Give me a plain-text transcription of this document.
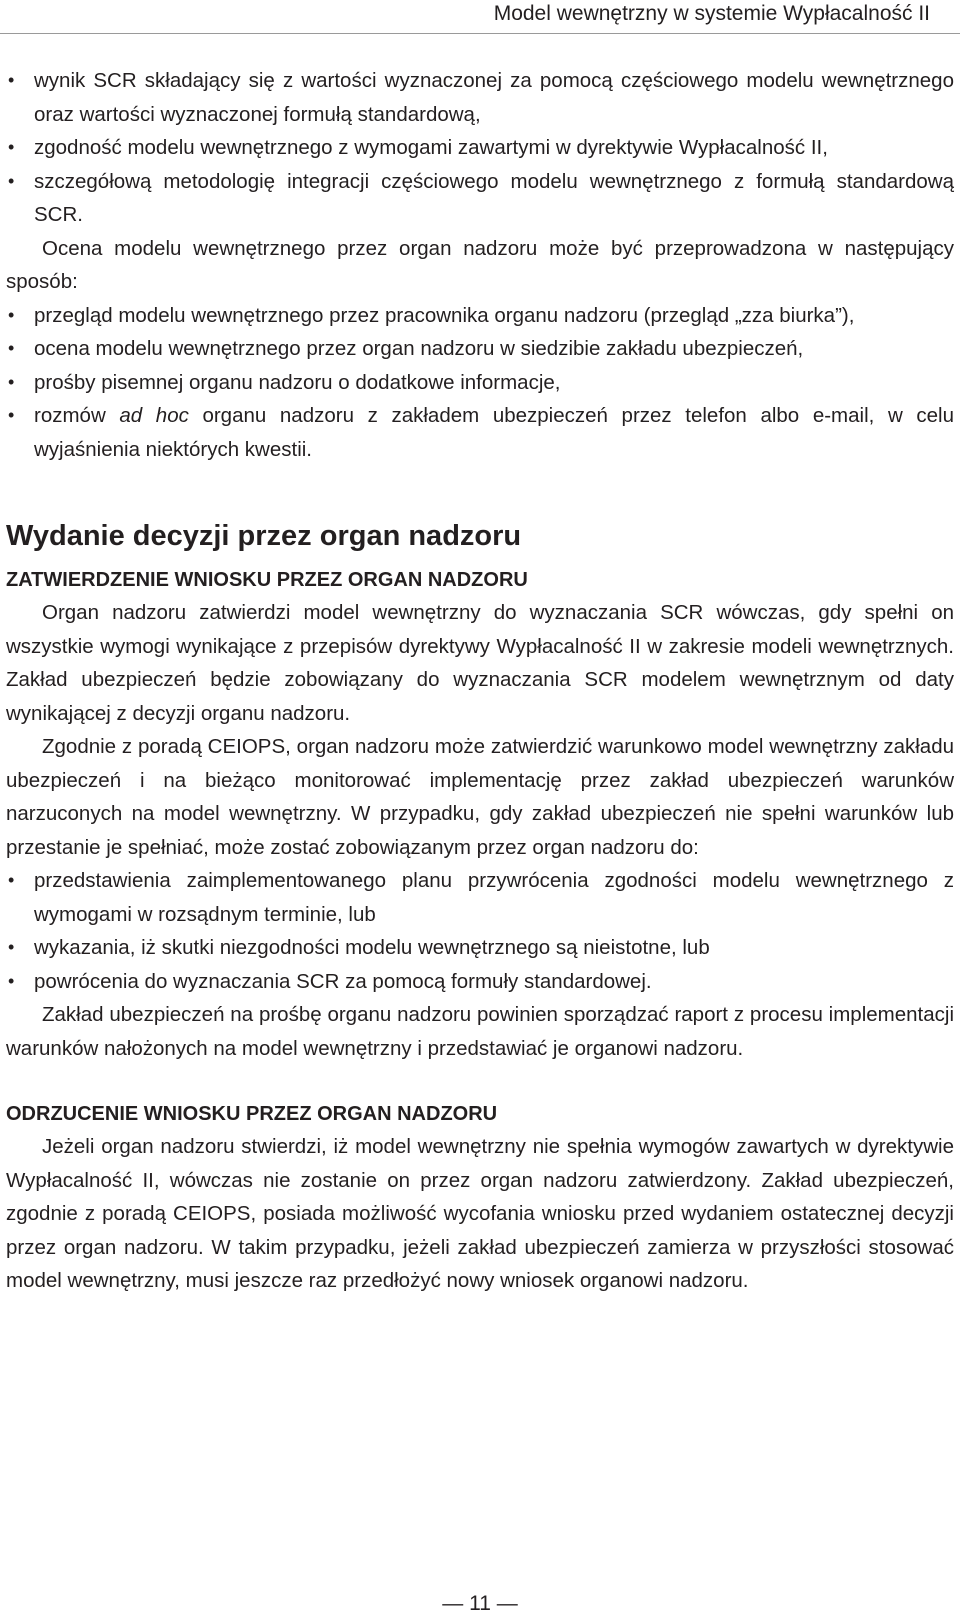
Model wewnętrzny w systemie Wypłacalność II
• wynik SCR składający się z wartości wyznaczonej za pomocą częściowego modelu wewnętrznego oraz wartości wyznaczonej formułą standardową,
• zgodność modelu wewnętrznego z wymogami zawartymi w dyrektywie Wypłacalność II,
• szczegółową metodologię integracji częściowego modelu wewnętrznego z formułą standardową SCR.

Ocena modelu wewnętrznego przez organ nadzoru może być przeprowadzona w następujący sposób:

• przegląd modelu wewnętrznego przez pracownika organu nadzoru (przegląd „zza biurka”),
• ocena modelu wewnętrznego przez organ nadzoru w siedzibie zakładu ubezpieczeń,
• prośby pisemnej organu nadzoru o dodatkowe informacje,
• rozmów ad hoc organu nadzoru z zakładem ubezpieczeń przez telefon albo e-mail, w celu wyjaśnienia niektórych kwestii.
Wydanie decyzji przez organ nadzoru
ZATWIERDZENIE WNIOSKU PRZEZ ORGAN NADZORU

Organ nadzoru zatwierdzi model wewnętrzny do wyznaczania SCR wówczas, gdy spełni on wszystkie wymogi wynikające z przepisów dyrektywy Wypłacalność II w zakresie modeli wewnętrznych. Zakład ubezpieczeń będzie zobowiązany do wyznaczania SCR modelem wewnętrznym od daty wynikającej z decyzji organu nadzoru.

Zgodnie z poradą CEIOPS, organ nadzoru może zatwierdzić warunkowo model wewnętrzny zakładu ubezpieczeń i na bieżąco monitorować implementację przez zakład ubezpieczeń warunków narzuconych na model wewnętrzny. W przypadku, gdy zakład ubezpieczeń nie spełni warunków lub przestanie je spełniać, może zostać zobowiązanym przez organ nadzoru do:

• przedstawienia zaimplementowanego planu przywrócenia zgodności modelu wewnętrznego z wymogami w rozsądnym terminie, lub
• wykazania, iż skutki niezgodności modelu wewnętrznego są nieistotne, lub
• powrócenia do wyznaczania SCR za pomocą formuły standardowej.

Zakład ubezpieczeń na prośbę organu nadzoru powinien sporządzać raport z procesu implementacji warunków nałożonych na model wewnętrzny i przedstawiać je organowi nadzoru.

ODRZUCENIE WNIOSKU PRZEZ ORGAN NADZORU

Jeżeli organ nadzoru stwierdzi, iż model wewnętrzny nie spełnia wymogów zawartych w dyrektywie Wypłacalność II, wówczas nie zostanie on przez organ nadzoru zatwierdzony. Zakład ubezpieczeń, zgodnie z poradą CEIOPS, posiada możliwość wycofania wniosku przed wydaniem ostatecznej decyzji przez organ nadzoru. W takim przypadku, jeżeli zakład ubezpieczeń zamierza w przyszłości stosować model wewnętrzny, musi jeszcze raz przedłożyć nowy wniosek organowi nadzoru.

— 11 —
